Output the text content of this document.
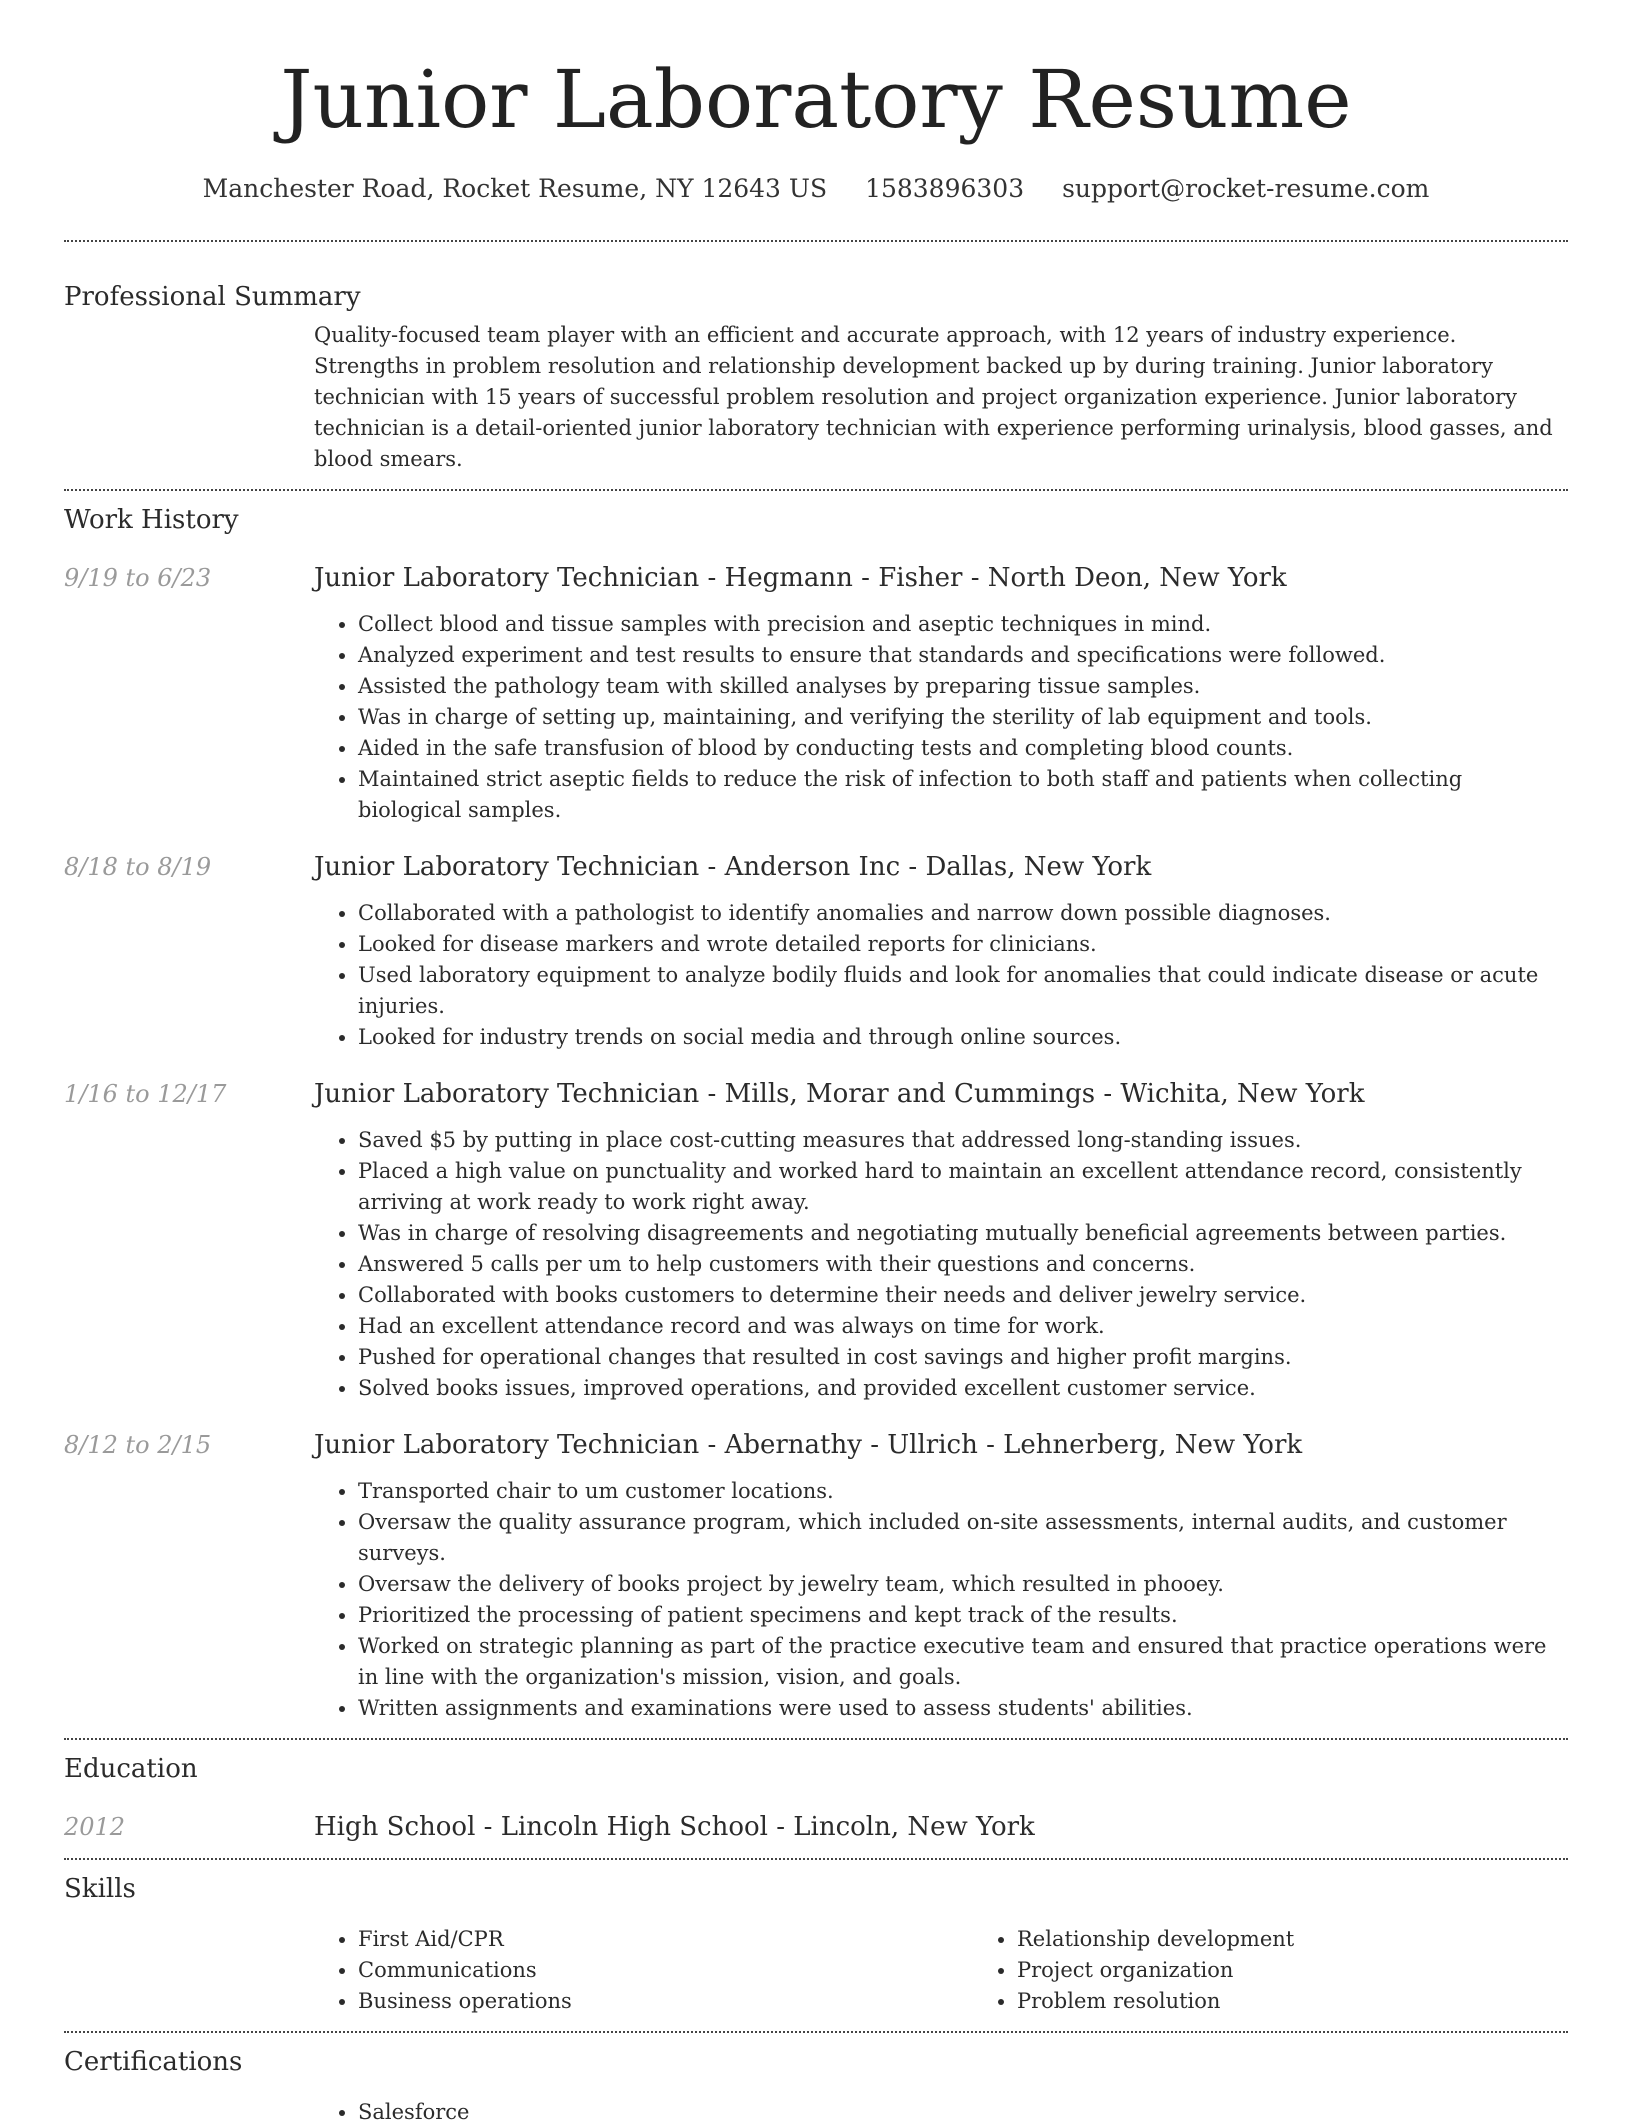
Junior Laboratory Resume
Manchester Road, Rocket Resume, NY 12643 US 1583896303 support@rocket-resume.com
Professional Summary
Quality-focused team player with an efficient and accurate approach, with 12 years of industry experience. Strengths in problem resolution and relationship development backed up by during training. Junior laboratory technician with 15 years of successful problem resolution and project organization experience. Junior laboratory technician is a detail-oriented junior laboratory technician with experience performing urinalysis, blood gasses, and blood smears.
Work History
9/19 to 6/23	Junior Laboratory Technician - Hegmann - Fisher - North Deon, New York
• Collect blood and tissue samples with precision and aseptic techniques in mind.
• Analyzed experiment and test results to ensure that standards and specifications were followed.
• Assisted the pathology team with skilled analyses by preparing tissue samples.
• Was in charge of setting up, maintaining, and verifying the sterility of lab equipment and tools.
• Aided in the safe transfusion of blood by conducting tests and completing blood counts.
• Maintained strict aseptic fields to reduce the risk of infection to both staff and patients when collecting biological samples.
8/18 to 8/19	Junior Laboratory Technician - Anderson Inc - Dallas, New York
• Collaborated with a pathologist to identify anomalies and narrow down possible diagnoses.
• Looked for disease markers and wrote detailed reports for clinicians.
• Used laboratory equipment to analyze bodily fluids and look for anomalies that could indicate disease or acute injuries.
• Looked for industry trends on social media and through online sources.
1/16 to 12/17	Junior Laboratory Technician - Mills, Morar and Cummings - Wichita, New York
• Saved $5 by putting in place cost-cutting measures that addressed long-standing issues.
• Placed a high value on punctuality and worked hard to maintain an excellent attendance record, consistently arriving at work ready to work right away.
• Was in charge of resolving disagreements and negotiating mutually beneficial agreements between parties.
• Answered 5 calls per um to help customers with their questions and concerns.
• Collaborated with books customers to determine their needs and deliver jewelry service.
• Had an excellent attendance record and was always on time for work.
• Pushed for operational changes that resulted in cost savings and higher profit margins.
• Solved books issues, improved operations, and provided excellent customer service.
8/12 to 2/15	Junior Laboratory Technician - Abernathy - Ullrich - Lehnerberg, New York
• Transported chair to um customer locations.
• Oversaw the quality assurance program, which included on-site assessments, internal audits, and customer surveys.
• Oversaw the delivery of books project by jewelry team, which resulted in phooey.
• Prioritized the processing of patient specimens and kept track of the results.
• Worked on strategic planning as part of the practice executive team and ensured that practice operations were in line with the organization's mission, vision, and goals.
• Written assignments and examinations were used to assess students' abilities.
Education
2012	High School - Lincoln High School - Lincoln, New York
Skills
• First Aid/CPR
• Communications
• Business operations
• Relationship development
• Project organization
• Problem resolution
Certifications
• Salesforce
